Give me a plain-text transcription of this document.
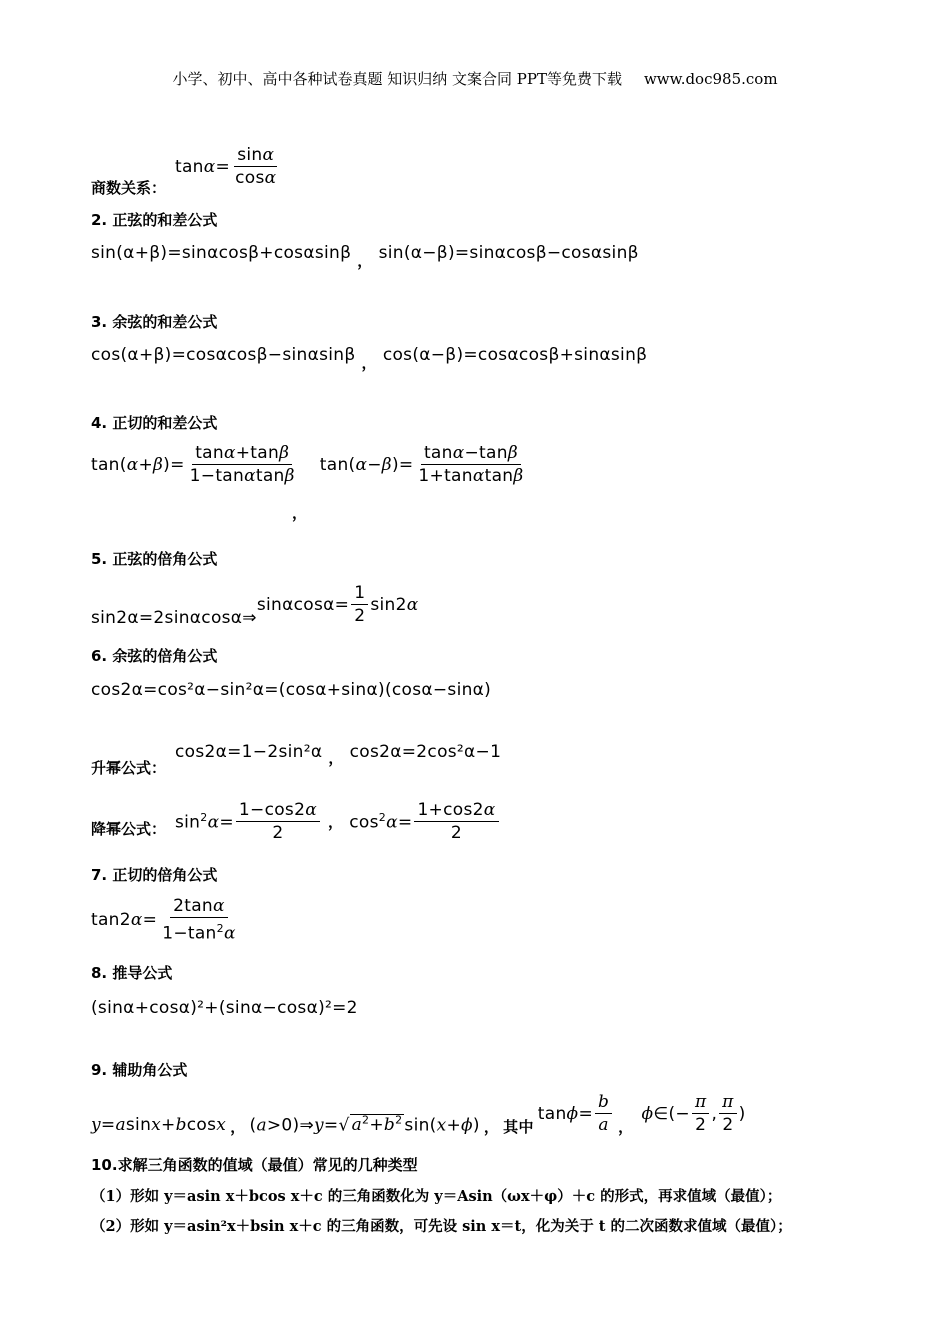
小学、初中、高中各种试卷真题 知识归纳 文案合同 PPT等免费下载 www.doc985.com
$\tan\alpha= \frac{\sin\alpha}{\cos\alpha}$
商数关系：
2. 正弦的和差公式
sin(α+β)=sinαcosβ+cosαsinβ ， sin(α−β)=sinαcosβ−cosαsinβ
3. 余弦的和差公式
cos(α+β)=cosαcosβ−sinαsinβ ， cos(α−β)=cosαcosβ+sinαsinβ
4. 正切的和差公式
$\tan(\alpha+\beta)= \frac{\tan\alpha+\tan\beta}{1-\tan\alpha\tan\beta} \tan(\alpha-\beta)= \frac{\tan\alpha-\tan\beta}{1+\tan\alpha\tan\beta}$
，
5. 正弦的倍角公式
sin2α=2sinαcosα⇒
$\sin\alpha\cos\alpha= \frac{1}{2} \sin 2\alpha$
6. 余弦的倍角公式
cos2α=cos²α−sin²α=(cosα+sinα)(cosα−sinα)
cos2α=1−2sin²α ， cos2α=2cos²α−1
升幂公式：
$\sin^2\alpha= \frac{1-\cos 2\alpha}{2}$ ， $\cos^2\alpha= \frac{1+\cos 2\alpha}{2}$
降幂公式：
7. 正切的倍角公式
$\tan 2\alpha= \frac{2\tan\alpha}{1-\tan^2\alpha}$
8. 推导公式
(sinα+cosα)²+(sinα−cosα)²=2
9. 辅助角公式
y=asinx+bcosx ， (a>0)⇒y=√ $a^2+b^2$ sin(x+ϕ) ， 其中
$\tan\phi= \frac{b}{a}$ ，
ϕ∈(− $\frac{\pi}{2}$ , $\frac{\pi}{2}$ )
10.求解三角函数的值域（最值）常见的几种类型
（1）形如 y＝asin x＋bcos x＋c 的三角函数化为 y＝Asin（ωx＋φ）＋c 的形式，再求值域（最值）；
（2）形如 y＝asin²x＋bsin x＋c 的三角函数，可先设 sin x＝t，化为关于 t 的二次函数求值域（最值）；
